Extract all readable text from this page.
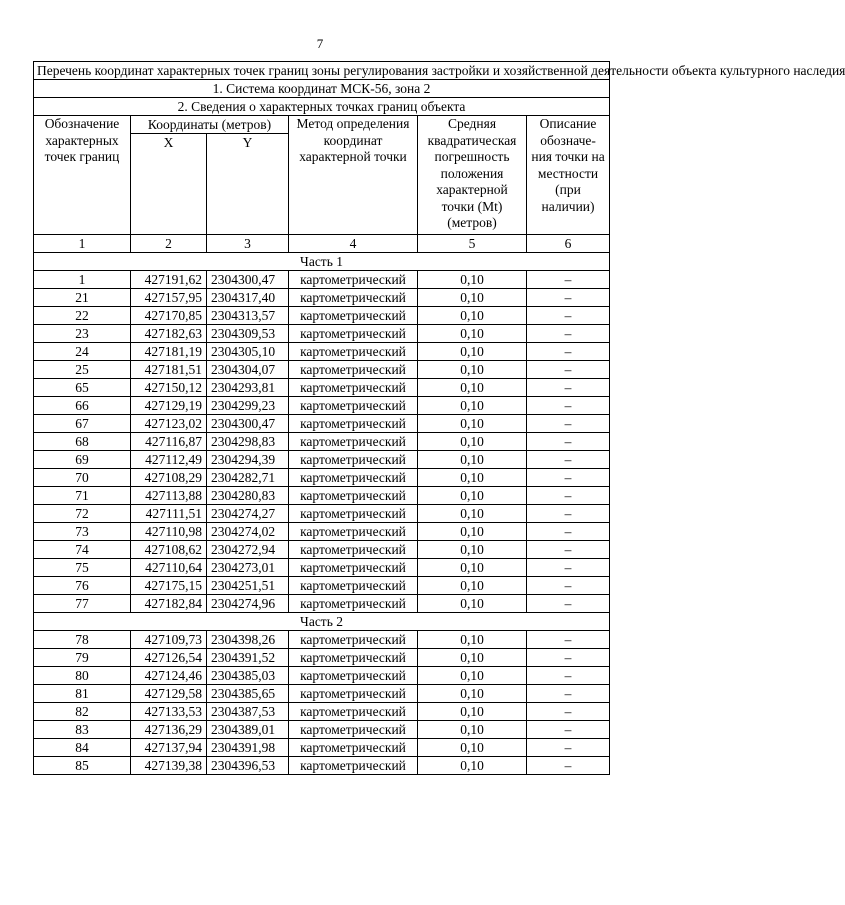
7
Перечень координат характерных точек границ зоны регулирования застройки и хозяйственной деятельности объекта культурного наследия					
1. Система координат МСК-56, зона 2					
2. Сведения о характерных точках границ объекта					
Обозначение характерных точек границ	Координаты (метров)		Метод определения координат характерной точки	Средняя квадратическая погрешность положения характерной точки (Mt) (метров)	Описание обозначе-ния точки на местности (при наличии)
	X	Y			
1	2	3	4	5	6
Часть 1					
1	427191,62	2304300,47	картометрический	0,10	–
21	427157,95	2304317,40	картометрический	0,10	–
22	427170,85	2304313,57	картометрический	0,10	–
23	427182,63	2304309,53	картометрический	0,10	–
24	427181,19	2304305,10	картометрический	0,10	–
25	427181,51	2304304,07	картометрический	0,10	–
65	427150,12	2304293,81	картометрический	0,10	–
66	427129,19	2304299,23	картометрический	0,10	–
67	427123,02	2304300,47	картометрический	0,10	–
68	427116,87	2304298,83	картометрический	0,10	–
69	427112,49	2304294,39	картометрический	0,10	–
70	427108,29	2304282,71	картометрический	0,10	–
71	427113,88	2304280,83	картометрический	0,10	–
72	427111,51	2304274,27	картометрический	0,10	–
73	427110,98	2304274,02	картометрический	0,10	–
74	427108,62	2304272,94	картометрический	0,10	–
75	427110,64	2304273,01	картометрический	0,10	–
76	427175,15	2304251,51	картометрический	0,10	–
77	427182,84	2304274,96	картометрический	0,10	–
Часть 2					
78	427109,73	2304398,26	картометрический	0,10	–
79	427126,54	2304391,52	картометрический	0,10	–
80	427124,46	2304385,03	картометрический	0,10	–
81	427129,58	2304385,65	картометрический	0,10	–
82	427133,53	2304387,53	картометрический	0,10	–
83	427136,29	2304389,01	картометрический	0,10	–
84	427137,94	2304391,98	картометрический	0,10	–
85	427139,38	2304396,53	картометрический	0,10	–
